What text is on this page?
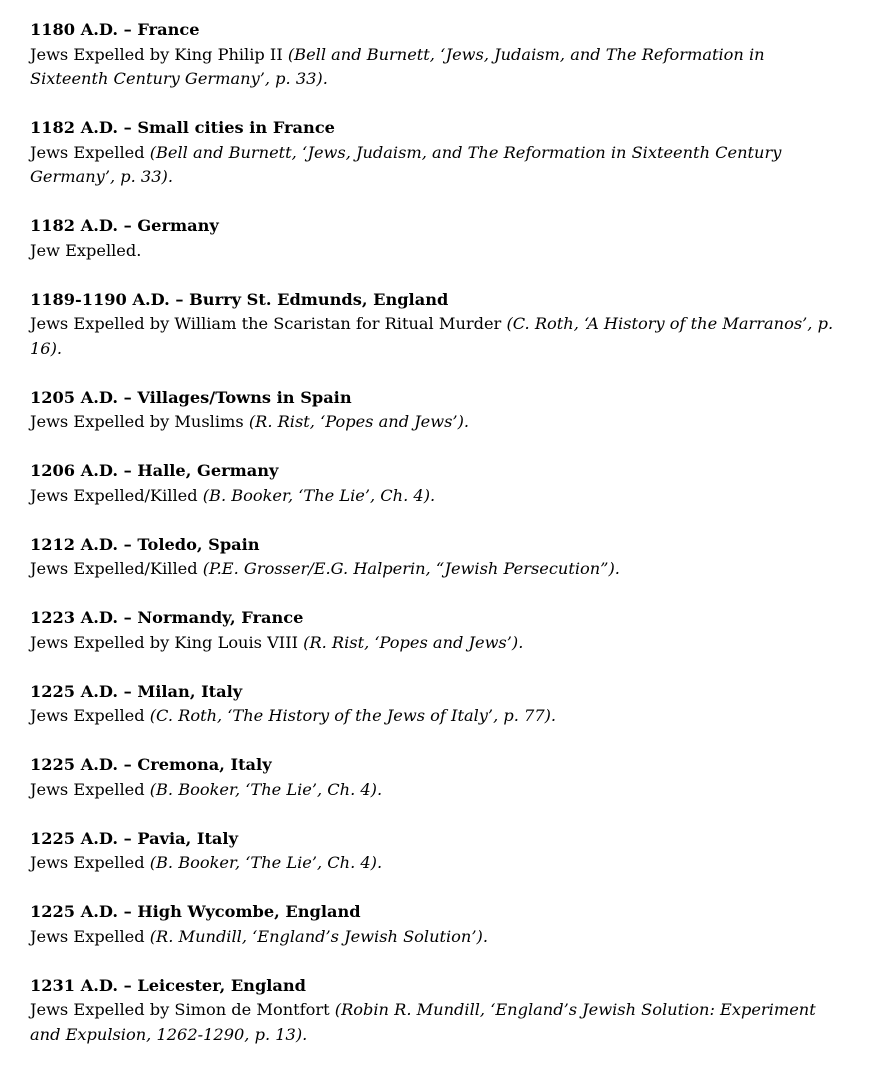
1180 A.D. – France
Jews Expelled by King Philip II (Bell and Burnett, ‘Jews, Judaism, and The Reformation in Sixteenth Century Germany’, p. 33).
1182 A.D. – Small cities in France
Jews Expelled (Bell and Burnett, ‘Jews, Judaism, and The Reformation in Sixteenth Century Germany’, p. 33).
1182 A.D. – Germany
Jew Expelled.
1189-1190 A.D. – Burry St. Edmunds, England
Jews Expelled by William the Scaristan for Ritual Murder (C. Roth, ‘A History of the Marranos’, p. 16).
1205 A.D. – Villages/Towns in Spain
Jews Expelled by Muslims (R. Rist, ‘Popes and Jews’).
1206 A.D. – Halle, Germany
Jews Expelled/Killed (B. Booker, ‘The Lie’, Ch. 4).
1212 A.D. – Toledo, Spain
Jews Expelled/Killed (P.E. Grosser/E.G. Halperin, “Jewish Persecution”).
1223 A.D. – Normandy, France
Jews Expelled by King Louis VIII (R. Rist, ‘Popes and Jews’).
1225 A.D. – Milan, Italy
Jews Expelled (C. Roth, ‘The History of the Jews of Italy’, p. 77).
1225 A.D. – Cremona, Italy
Jews Expelled (B. Booker, ‘The Lie’, Ch. 4).
1225 A.D. – Pavia, Italy
Jews Expelled (B. Booker, ‘The Lie’, Ch. 4).
1225 A.D. – High Wycombe, England
Jews Expelled (R. Mundill, ‘England’s Jewish Solution’).
1231 A.D. – Leicester, England
Jews Expelled by Simon de Montfort (Robin R. Mundill, ‘England’s Jewish Solution: Experiment and Expulsion, 1262-1290, p. 13).
